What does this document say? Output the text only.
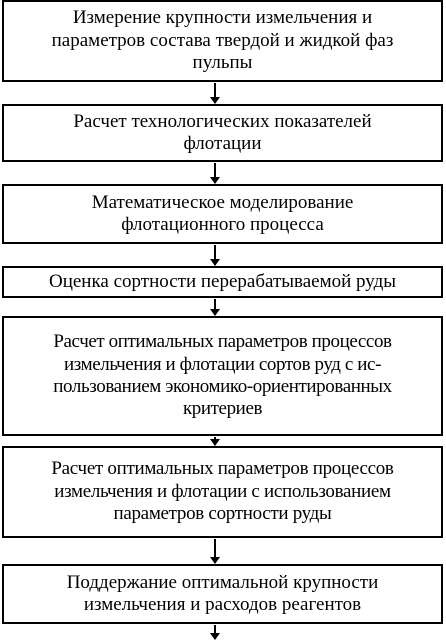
Измерение крупности измельчения и
параметров состава твердой и жидкой фаз
пульпы
Расчет технологических показателей
флотации
Математическое моделирование
флотационного процесса
Оценка сортности перерабатываемой руды
Расчет оптимальных параметров процессов
измельчения и флотации сортов руд с ис-
пользованием экономико-ориентированных
критериев
Расчет оптимальных параметров процессов
измельчения и флотации с использованием
параметров сортности руды
Поддержание оптимальной крупности
измельчения и расходов реагентов
